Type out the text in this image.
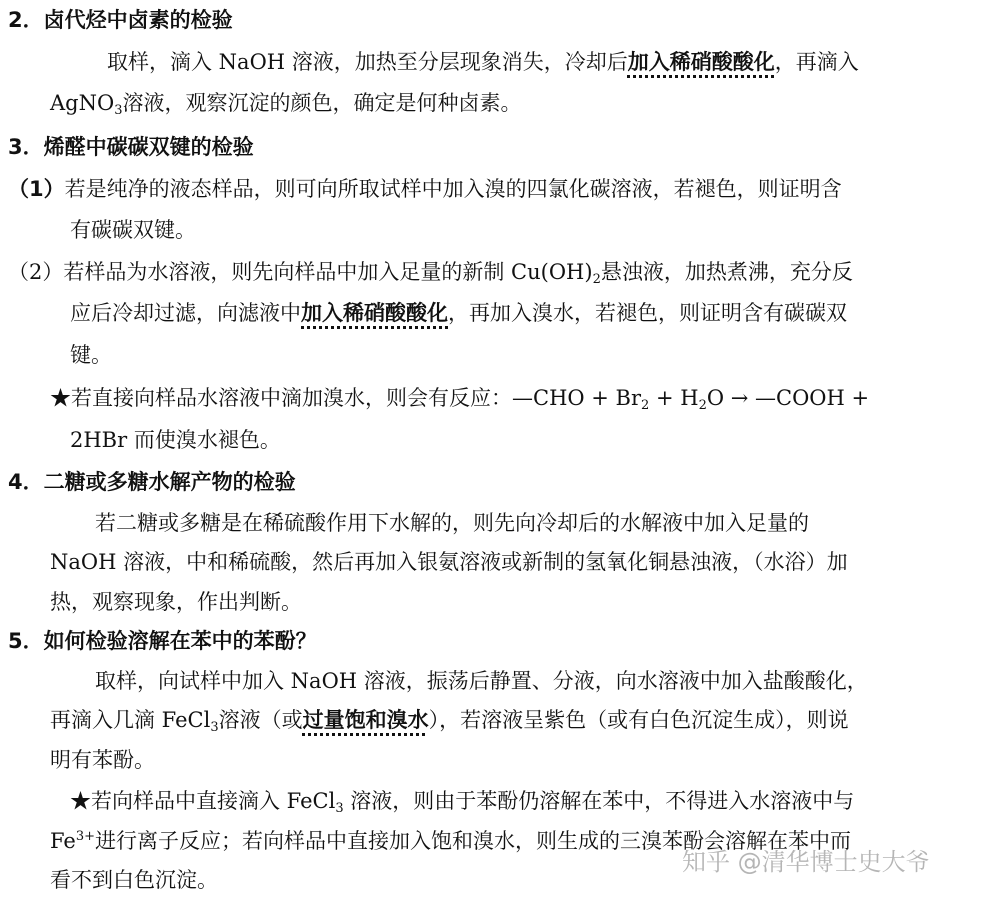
2．卤代烃中卤素的检验
取样，滴入 NaOH 溶液，加热至分层现象消失，冷却后加入稀硝酸酸化，再滴入
AgNO$_3$溶液，观察沉淀的颜色，确定是何种卤素。
3．烯醛中碳碳双键的检验
（1）若是纯净的液态样品，则可向所取试样中加入溴的四氯化碳溶液，若褪色，则证明含
有碳碳双键。
（2）若样品为水溶液，则先向样品中加入足量的新制 $Cu(OH)_2$悬浊液，加热煮沸，充分反
应后冷却过滤，向滤液中加入稀硝酸酸化，再加入溴水，若褪色，则证明含有碳碳双
键。
★若直接向样品水溶液中滴加溴水，则会有反应：—CHO + $Br_2 + H_2O$ → —COOH +
2HBr 而使溴水褪色。
4．二糖或多糖水解产物的检验
若二糖或多糖是在稀硫酸作用下水解的，则先向冷却后的水解液中加入足量的
NaOH 溶液，中和稀硫酸，然后再加入银氨溶液或新制的氢氧化铜悬浊液，（水浴）加
热，观察现象，作出判断。
5．如何检验溶解在苯中的苯酚？
取样，向试样中加入 NaOH 溶液，振荡后静置、分液，向水溶液中加入盐酸酸化，
再滴入几滴 FeCl$_3$溶液（或过量饱和溴水），若溶液呈紫色（或有白色沉淀生成），则说
明有苯酚。
★若向样品中直接滴入 FeCl$_3$ 溶液，则由于苯酚仍溶解在苯中，不得进入水溶液中与
$Fe^{3+}$进行离子反应；若向样品中直接加入饱和溴水，则生成的三溴苯酚会溶解在苯中而
看不到白色沉淀。
知乎 @清华博士史大爷
